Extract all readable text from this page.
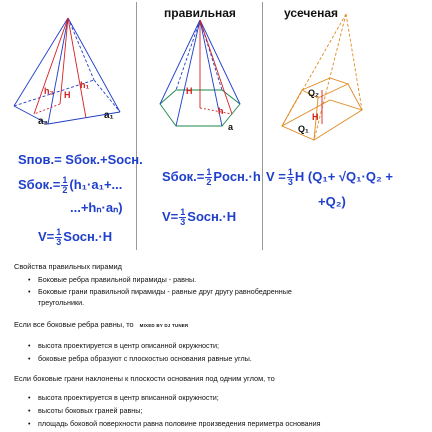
правильная	усеченая
h₁
h₂ H
a₂
a₁
H
h
a
Q₂
H
Q₁
Sпов.= Sбок.+Sосн.
Sбок.= $\frac{1}{2} (h_1\cdot a_1+$...
...+hₙ·aₙ)
$V= \frac{1}{3}$ Sосн.·H
Sбок.= $\frac{1}{2}$ Pосн.·h
$V= \frac{1}{3}$ Sосн.·H
$V = \frac{1}{3}$ H (Q₁+ √Q₁·Q₂ +
+Q₂)
Свойства правильных пирамид
• Боковые ребра правильной пирамиды - равны.
• Боковые грани правильной пирамиды - равные друг другу равнобедренные
треугольники.
Если все боковые ребра равны, то MIXED BY DJ TUNER
• высота проектируется в центр описанной окружности;
• боковые ребра образуют с плоскостью основания равные углы.
Если боковые грани наклонены к плоскости основания под одним углом, то
• высота проектируется в центр вписанной окружности;
• высоты боковых граней равны;
• площадь боковой поверхности равна половине произведения периметра основания
